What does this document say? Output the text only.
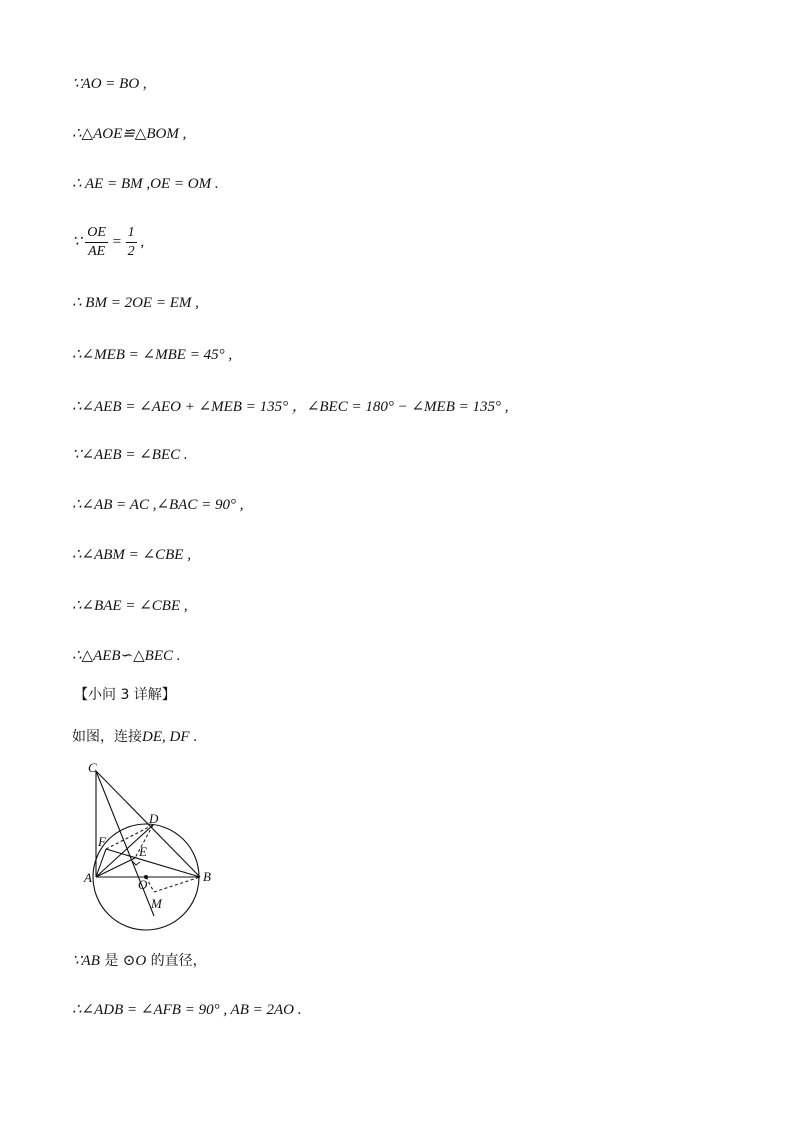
∵AO = BO ,
∴△AOE≌△BOM ,
∴ AE = BM ,OE = OM .
∵ $\frac{OE}{AE} = \frac{1}{2}$ ,
∴ BM = 2OE = EM ,
∴∠MEB = ∠MBE = 45° ,
∴∠AEB = ∠AEO + ∠MEB = 135° ，∠BEC = 180° − ∠MEB = 135° ,
∵∠AEB = ∠BEC .
∴∠AB = AC ,∠BAC = 90° ,
∴∠ABM = ∠CBE ,
∴∠BAE = ∠CBE ,
∴△AEB∽△BEC .
【小问 3 详解】
如图，连接DE, DF .
C
D
F
E
A	O
B
M
∵AB 是 ⊙O 的直径，
∴∠ADB = ∠AFB = 90° , AB = 2AO .
